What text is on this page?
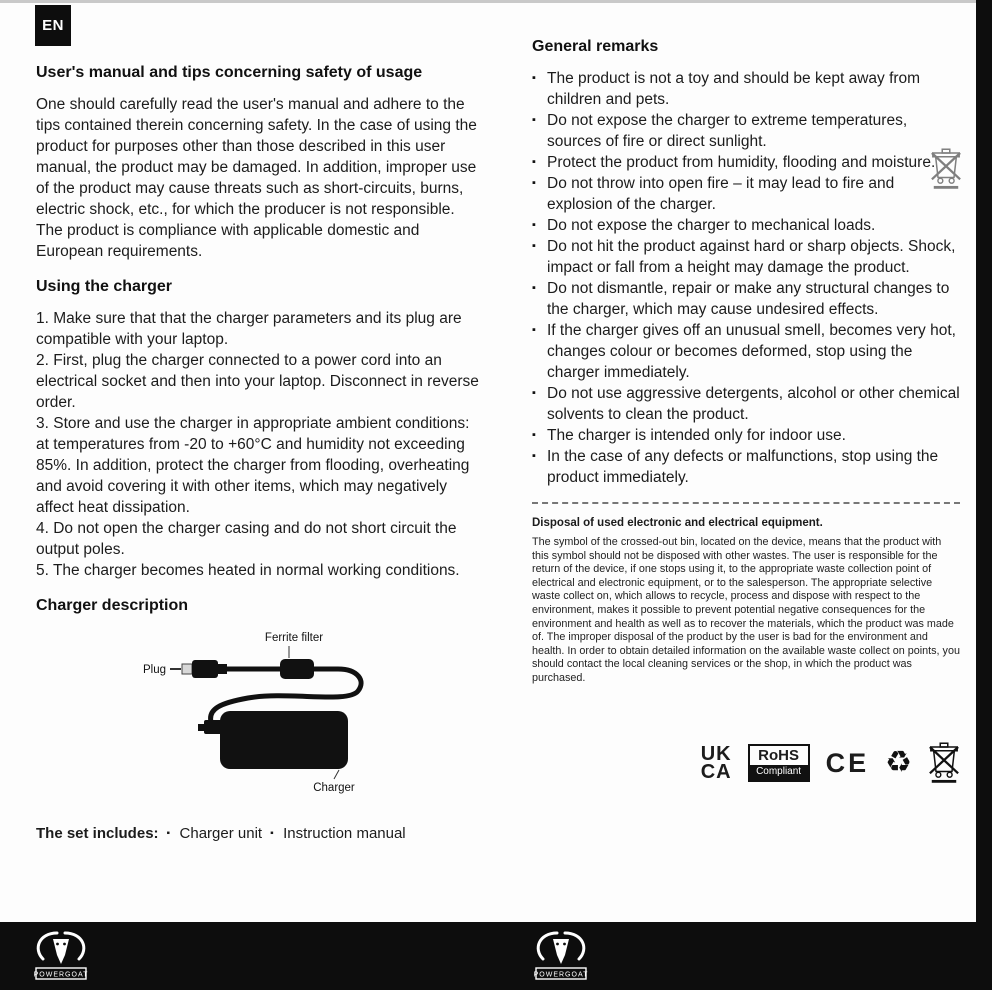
EN
User's manual and tips concerning safety of usage

One should carefully read the user's manual and adhere to the tips contained therein concerning safety. In the case of using the product for purposes other than those described in this user manual, the product may be damaged. In addition, improper use of the product may cause threats such as short-circuits, burns, electric shock, etc., for which the producer is not responsible. The product is compliance with applicable domestic and European requirements.

Using the charger

1. Make sure that that the charger parameters and its plug are compatible with your laptop.

2. First, plug the charger connected to a power cord into an electrical socket and then into your laptop. Disconnect in reverse order.

3. Store and use the charger in appropriate ambient conditions: at temperatures from -20 to +60°C and humidity not exceeding 85%. In addition, protect the charger from flooding, overheating and avoid covering it with other items, which may negatively affect heat dissipation.

4. Do not open the charger casing and do not short circuit the output poles.

5. The charger becomes heated in normal working conditions.

Charger description
Ferrite filter
Plug
Charger
The set includes:	▪ Charger unit	▪ Instruction manual
General remarks
▪ The product is not a toy and should be kept away from children and pets.
▪ Do not expose the charger to extreme temperatures, sources of fire or direct sunlight.
▪ Protect the product from humidity, flooding and moisture.
▪ Do not throw into open fire – it may lead to fire and explosion of the charger.
▪ Do not expose the charger to mechanical loads.
▪ Do not hit the product against hard or sharp objects. Shock, impact or fall from a height may damage the product.
▪ Do not dismantle, repair or make any structural changes to the charger, which may cause undesired effects.
▪ If the charger gives off an unusual smell, becomes very hot, changes colour or becomes deformed, stop using the charger immediately.
▪ Do not use aggressive detergents, alcohol or other chemical solvents to clean the product.
▪ The charger is intended only for indoor use.
▪ In the case of any defects or malfunctions, stop using the product immediately.

Disposal of used electronic and electrical equipment.

The symbol of the crossed-out bin, located on the device, means that the product with this symbol should not be disposed with other wastes. The user is responsible for the return of the device, if one stops using it, to the appropriate waste collection point of electrical and electronic equipment, or to the salesperson. The appropriate selective waste collect on, which allows to recycle, process and dispose with respect to the environment, makes it possible to prevent potential negative consequences for the environment and health as well as to recover the materials, which the product was made of. The improper disposal of the product by the user is bad for the environment and health. In order to obtain detailed information on the available waste collect on points, you should contact the local cleaning services or the shop, in which the product was purchased.

UK
CA
RoHS
Compliant CE ♻
POWERGOAT	POWERGOAT
